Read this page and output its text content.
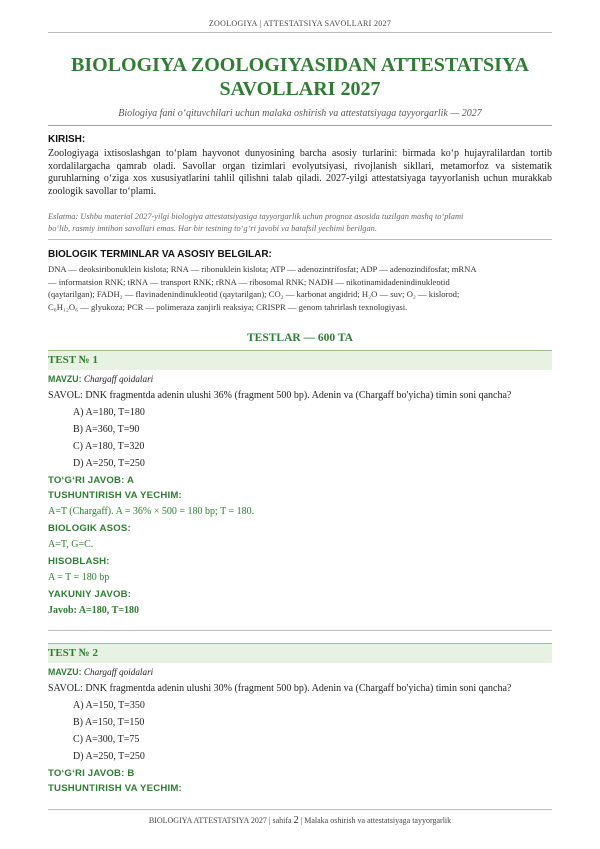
ZOOLOGIYA | ATTESTATSIYA SAVOLLARI 2027
BIOLOGIYA ZOOLOGIYASIDAN ATTESTATSIYA
SAVOLLARI 2027
Biologiya fani o‘qituvchilari uchun malaka oshirish va attestatsiyaga tayyorgarlik — 2027
KIRISH:
Zoologiyaga ixtisoslashgan to‘plam hayvonot dunyosining barcha asosiy turlarini: birmada ko‘p hujayralilardan tortib xordalilargacha qamrab oladi. Savollar organ tizimlari evolyutsiyasi, rivojlanish sikllari, metamorfoz va sistematik guruhlarning o‘ziga xos xususiyatlarini tahlil qilishni talab qiladi. 2027-yilgi attestatsiyaga tayyorlanish uchun murakkab zoologik savollar to‘plami.
Eslatma: Ushbu material 2027-yilgi biologiya attestatsiyasiga tayyorgarlik uchun prognoz asosida tuzilgan mashq to‘plami
bo‘lib, rasmiy imtihon savollari emas. Har bir testning to‘g‘ri javobi va batafsil yechimi berilgan.
BIOLOGIK TERMINLAR VA ASOSIY BELGILAR:
DNA — deoksiribonuklein kislota; RNA — ribonuklein kislota; ATP — adenozintrifosfat; ADP — adenozindifosfat; mRNA
— informatsion RNK; tRNA — transport RNK; rRNA — ribosomal RNK; NADH — nikotinamidadenindinukleotid
(qaytarilgan); FADH₂ — flavinadenindinukleotid (qaytarilgan); CO₂ — karbonat angidrid; H₂O — suv; O₂ — kislorod;
C₆H₁₂O₆ — glyukoza; PCR — polimeraza zanjirli reaksiya; CRISPR — genom tahrirlash texnologiyasi.
TESTLAR — 600 TA
TEST № 1
MAVZU: Chargaff qoidalari
SAVOL: DNK fragmentda adenin ulushi 36% (fragment 500 bp). Adenin va (Chargaff bo'yicha) timin soni qancha?
A) A=180, T=180
B) A=360, T=90
C) A=180, T=320
D) A=250, T=250
TO‘G‘RI JAVOB: A
TUSHUNTIRISH VA YECHIM:
A=T (Chargaff). A = 36% × 500 = 180 bp; T = 180.
BIOLOGIK ASOS:
A=T, G=C.
HISOBLASH:
A = T = 180 bp
YAKUNIY JAVOB:
Javob: A=180, T=180
TEST № 2
MAVZU: Chargaff qoidalari
SAVOL: DNK fragmentda adenin ulushi 30% (fragment 500 bp). Adenin va (Chargaff bo'yicha) timin soni qancha?
A) A=150, T=350
B) A=150, T=150
C) A=300, T=75
D) A=250, T=250
TO‘G‘RI JAVOB: B
TUSHUNTIRISH VA YECHIM:
BIOLOGIYA ATTESTATSIYA 2027 | sahifa 2 | Malaka oshirish va attestatsiyaga tayyorgarlik
